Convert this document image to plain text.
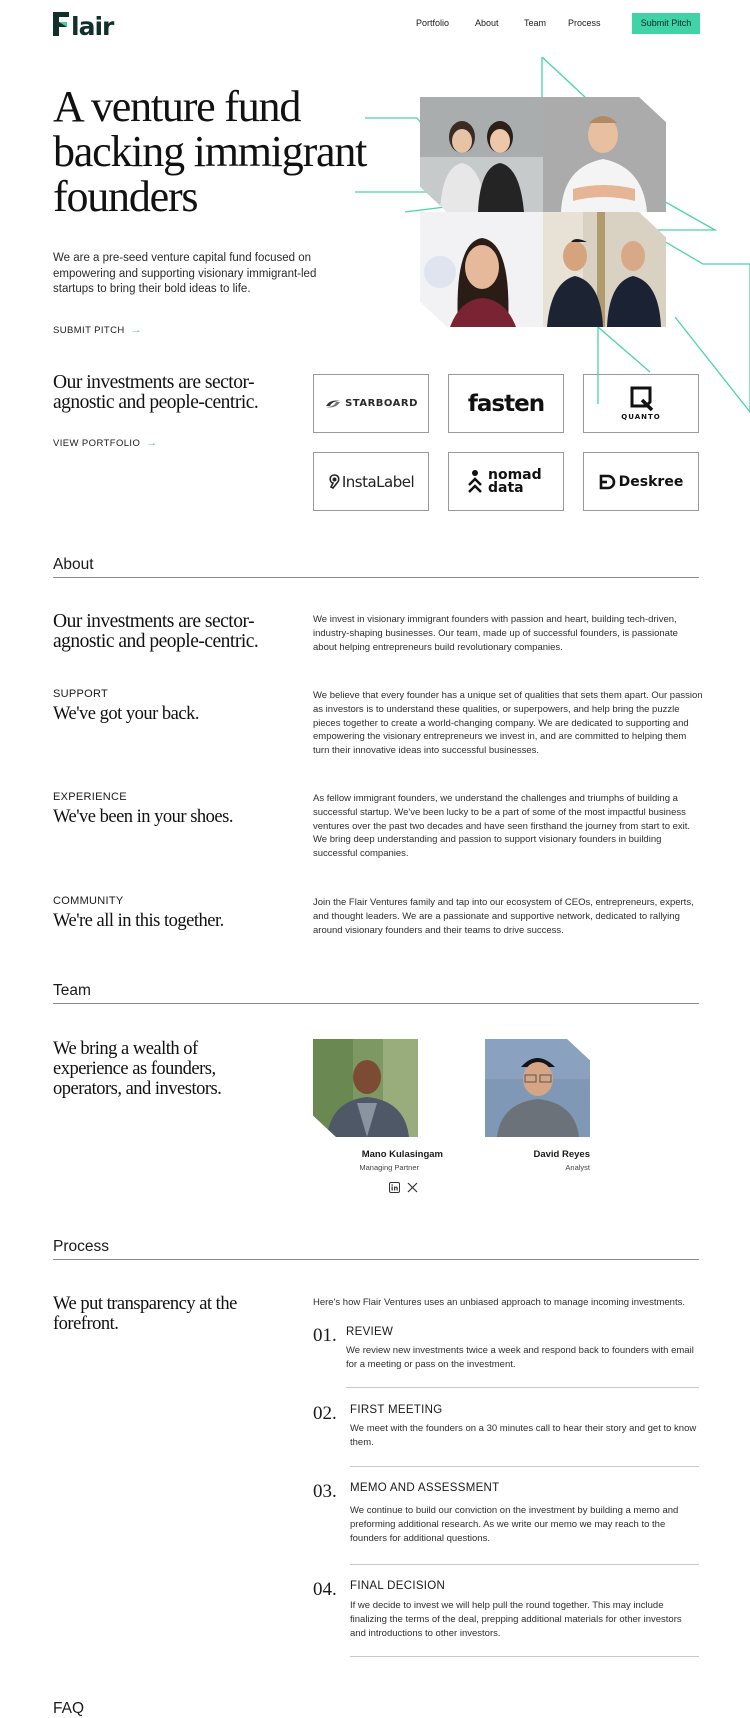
lair	Portfolio	About	Team Process	Submit Pitch
A venture fund backing immigrant founders
We are a pre-seed venture capital fund focused on empowering and supporting visionary immigrant-led startups to bring their bold ideas to life.
SUBMIT PITCH →
Our investments are sector-agnostic and people-centric.
VIEW PORTFOLIO →
STARBOARD fasten
QUANTO
InstaLabel	nomad data	Deskree
About
Our investments are sector-agnostic and people-centric.
We invest in visionary immigrant founders with passion and heart, building tech-driven, industry-shaping businesses. Our team, made up of successful founders, is passionate about helping entrepreneurs build revolutionary companies.
SUPPORT
We've got your back.
We believe that every founder has a unique set of qualities that sets them apart. Our passion as investors is to understand these qualities, or superpowers, and help bring the puzzle pieces together to create a world-changing company. We are dedicated to supporting and empowering the visionary entrepreneurs we invest in, and are committed to helping them turn their innovative ideas into successful businesses.
EXPERIENCE
We've been in your shoes.
As fellow immigrant founders, we understand the challenges and triumphs of building a successful startup. We've been lucky to be a part of some of the most impactful business ventures over the past two decades and have seen firsthand the journey from start to exit. We bring deep understanding and passion to support visionary founders in building successful companies.
COMMUNITY
We're all in this together.
Join the Flair Ventures family and tap into our ecosystem of CEOs, entrepreneurs, experts, and thought leaders. We are a passionate and supportive network, dedicated to rallying around visionary founders and their teams to drive success.
Team
We bring a wealth of experience as founders, operators, and investors.
Mano Kulasingam
Managing Partner
David Reyes
Analyst
Process
We put transparency at the forefront.
Here's how Flair Ventures uses an unbiased approach to manage incoming investments.
01. REVIEW
We review new investments twice a week and respond back to founders with email for a meeting or pass on the investment.
02. FIRST MEETING
We meet with the founders on a 30 minutes call to hear their story and get to know them.
03. MEMO AND ASSESSMENT
We continue to build our conviction on the investment by building a memo and preforming additional research. As we write our memo we may reach to the founders for additional questions.
04. FINAL DECISION
If we decide to invest we will help pull the round together. This may include finalizing the terms of the deal, prepping additional materials for other investors and introductions to other investors.
FAQ
